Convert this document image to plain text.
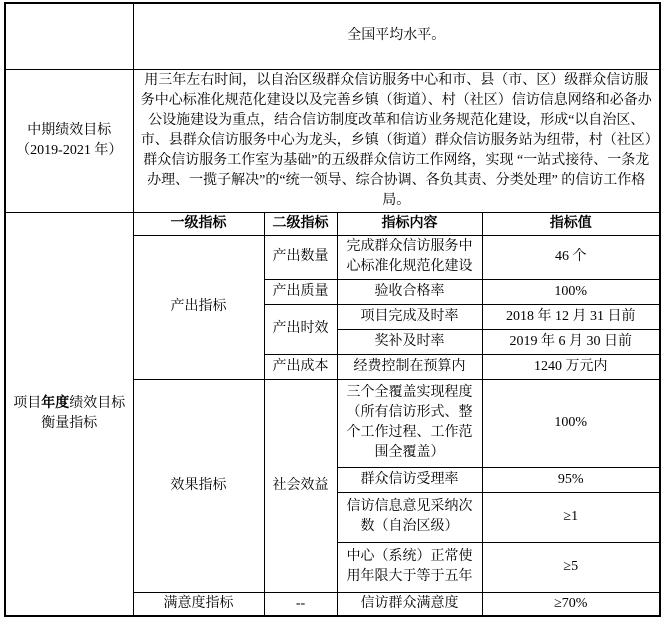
	全国平均水平。			

中期绩效目标
（2019-2021 年）	用三年左右时间，以自治区级群众信访服务中心和市、县（市、区）级群众信访服务中心标准化规范化建设以及完善乡镇（街道）、村（社区）信访信息网络和必备办公设施建设为重点，结合信访制度改革和信访业务规范化建设，形成“以自治区、市、县群众信访服务中心为龙头，乡镇（街道）群众信访服务站为纽带，村（社区）群众信访服务工作室为基础”的五级群众信访工作网络，实现 “一站式接待、一条龙办理、一揽子解决”的“统一领导、综合协调、各负其责、分类处理” 的信访工作格局。			

项目年度绩效目标
衡量指标	一级指标	二级指标	指标内容	指标值
	产出指标	产出数量	完成群众信访服务中心标准化规范化建设	46 个
		产出质量	验收合格率	100%
		产出时效	项目完成及时率	2018 年 12 月 31 日前
			奖补及时率	2019 年 6 月 30 日前
		产出成本	经费控制在预算内	1240 万元内
	效果指标	社会效益	三个全覆盖实现程度（所有信访形式、整个工作过程、工作范围全覆盖）	100%
			群众信访受理率	95%
			信访信息意见采纳次数（自治区级）	≥1
			中心（系统）正常使用年限大于等于五年	≥5
	满意度指标	--	信访群众满意度	≥70%
